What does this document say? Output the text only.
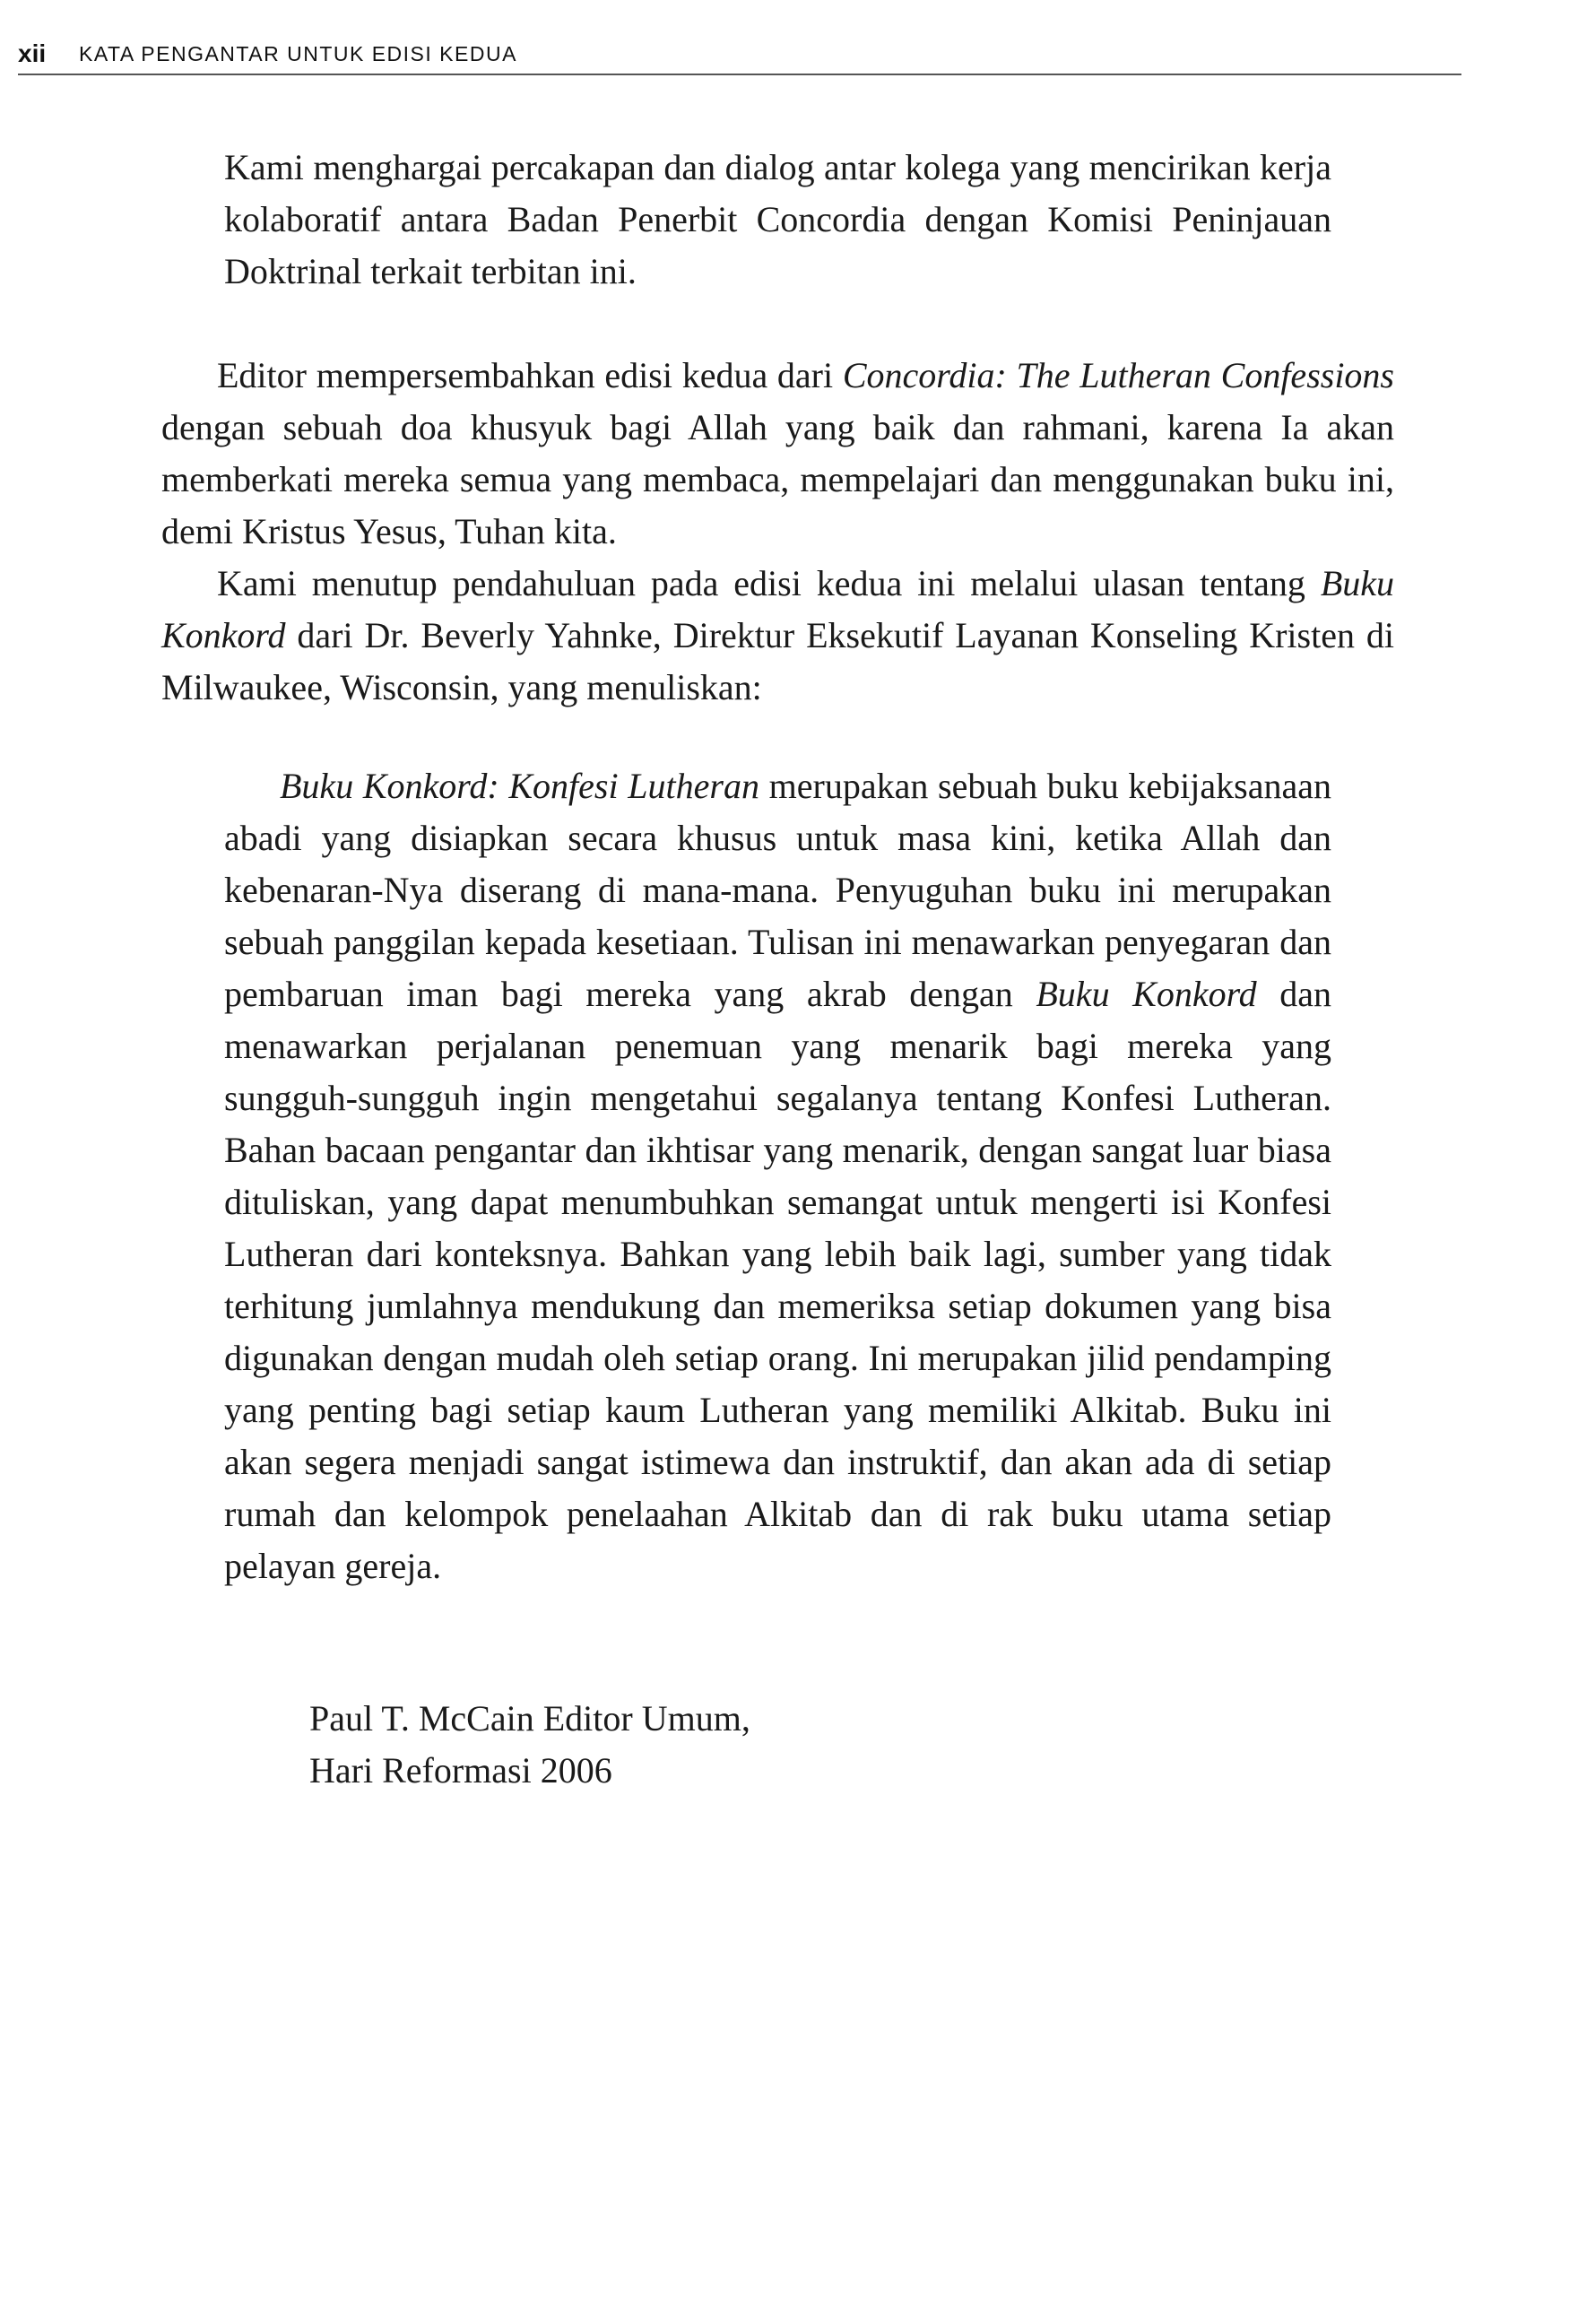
xii KATA PENGANTAR UNTUK EDISI KEDUA

Kami menghargai percakapan dan dialog antar kolega yang mencirikan kerja kolaboratif antara Badan Penerbit Concordia dengan Komisi Peninjauan Doktrinal terkait terbitan ini.

Editor mempersembahkan edisi kedua dari Concordia: The Lutheran Confessions dengan sebuah doa khusyuk bagi Allah yang baik dan rahmani, karena Ia akan memberkati mereka semua yang membaca, mempelajari dan menggunakan buku ini, demi Kristus Yesus, Tuhan kita.

Kami menutup pendahuluan pada edisi kedua ini melalui ulasan tentang Buku Konkord dari Dr. Beverly Yahnke, Direktur Eksekutif Layanan Konseling Kristen di Milwaukee, Wisconsin, yang menuliskan:

Buku Konkord: Konfesi Lutheran merupakan sebuah buku kebijaksanaan abadi yang disiapkan secara khusus untuk masa kini, ketika Allah dan kebenaran-Nya diserang di mana-mana. Penyuguhan buku ini merupakan sebuah panggilan kepada kesetiaan. Tulisan ini menawarkan penyegaran dan pembaruan iman bagi mereka yang akrab dengan Buku Konkord dan menawarkan perjalanan penemuan yang menarik bagi mereka yang sungguh-sungguh ingin mengetahui segalanya tentang Konfesi Lutheran. Bahan bacaan pengantar dan ikhtisar yang menarik, dengan sangat luar biasa dituliskan, yang dapat menumbuhkan semangat untuk mengerti isi Konfesi Lutheran dari konteksnya. Bahkan yang lebih baik lagi, sumber yang tidak terhitung jumlahnya mendukung dan memeriksa setiap dokumen yang bisa digunakan dengan mudah oleh setiap orang. Ini merupakan jilid pendamping yang penting bagi setiap kaum Lutheran yang memiliki Alkitab. Buku ini akan segera menjadi sangat istimewa dan instruktif, dan akan ada di setiap rumah dan kelompok penelaahan Alkitab dan di rak buku utama setiap pelayan gereja.

Paul T. McCain Editor Umum,
Hari Reformasi 2006
